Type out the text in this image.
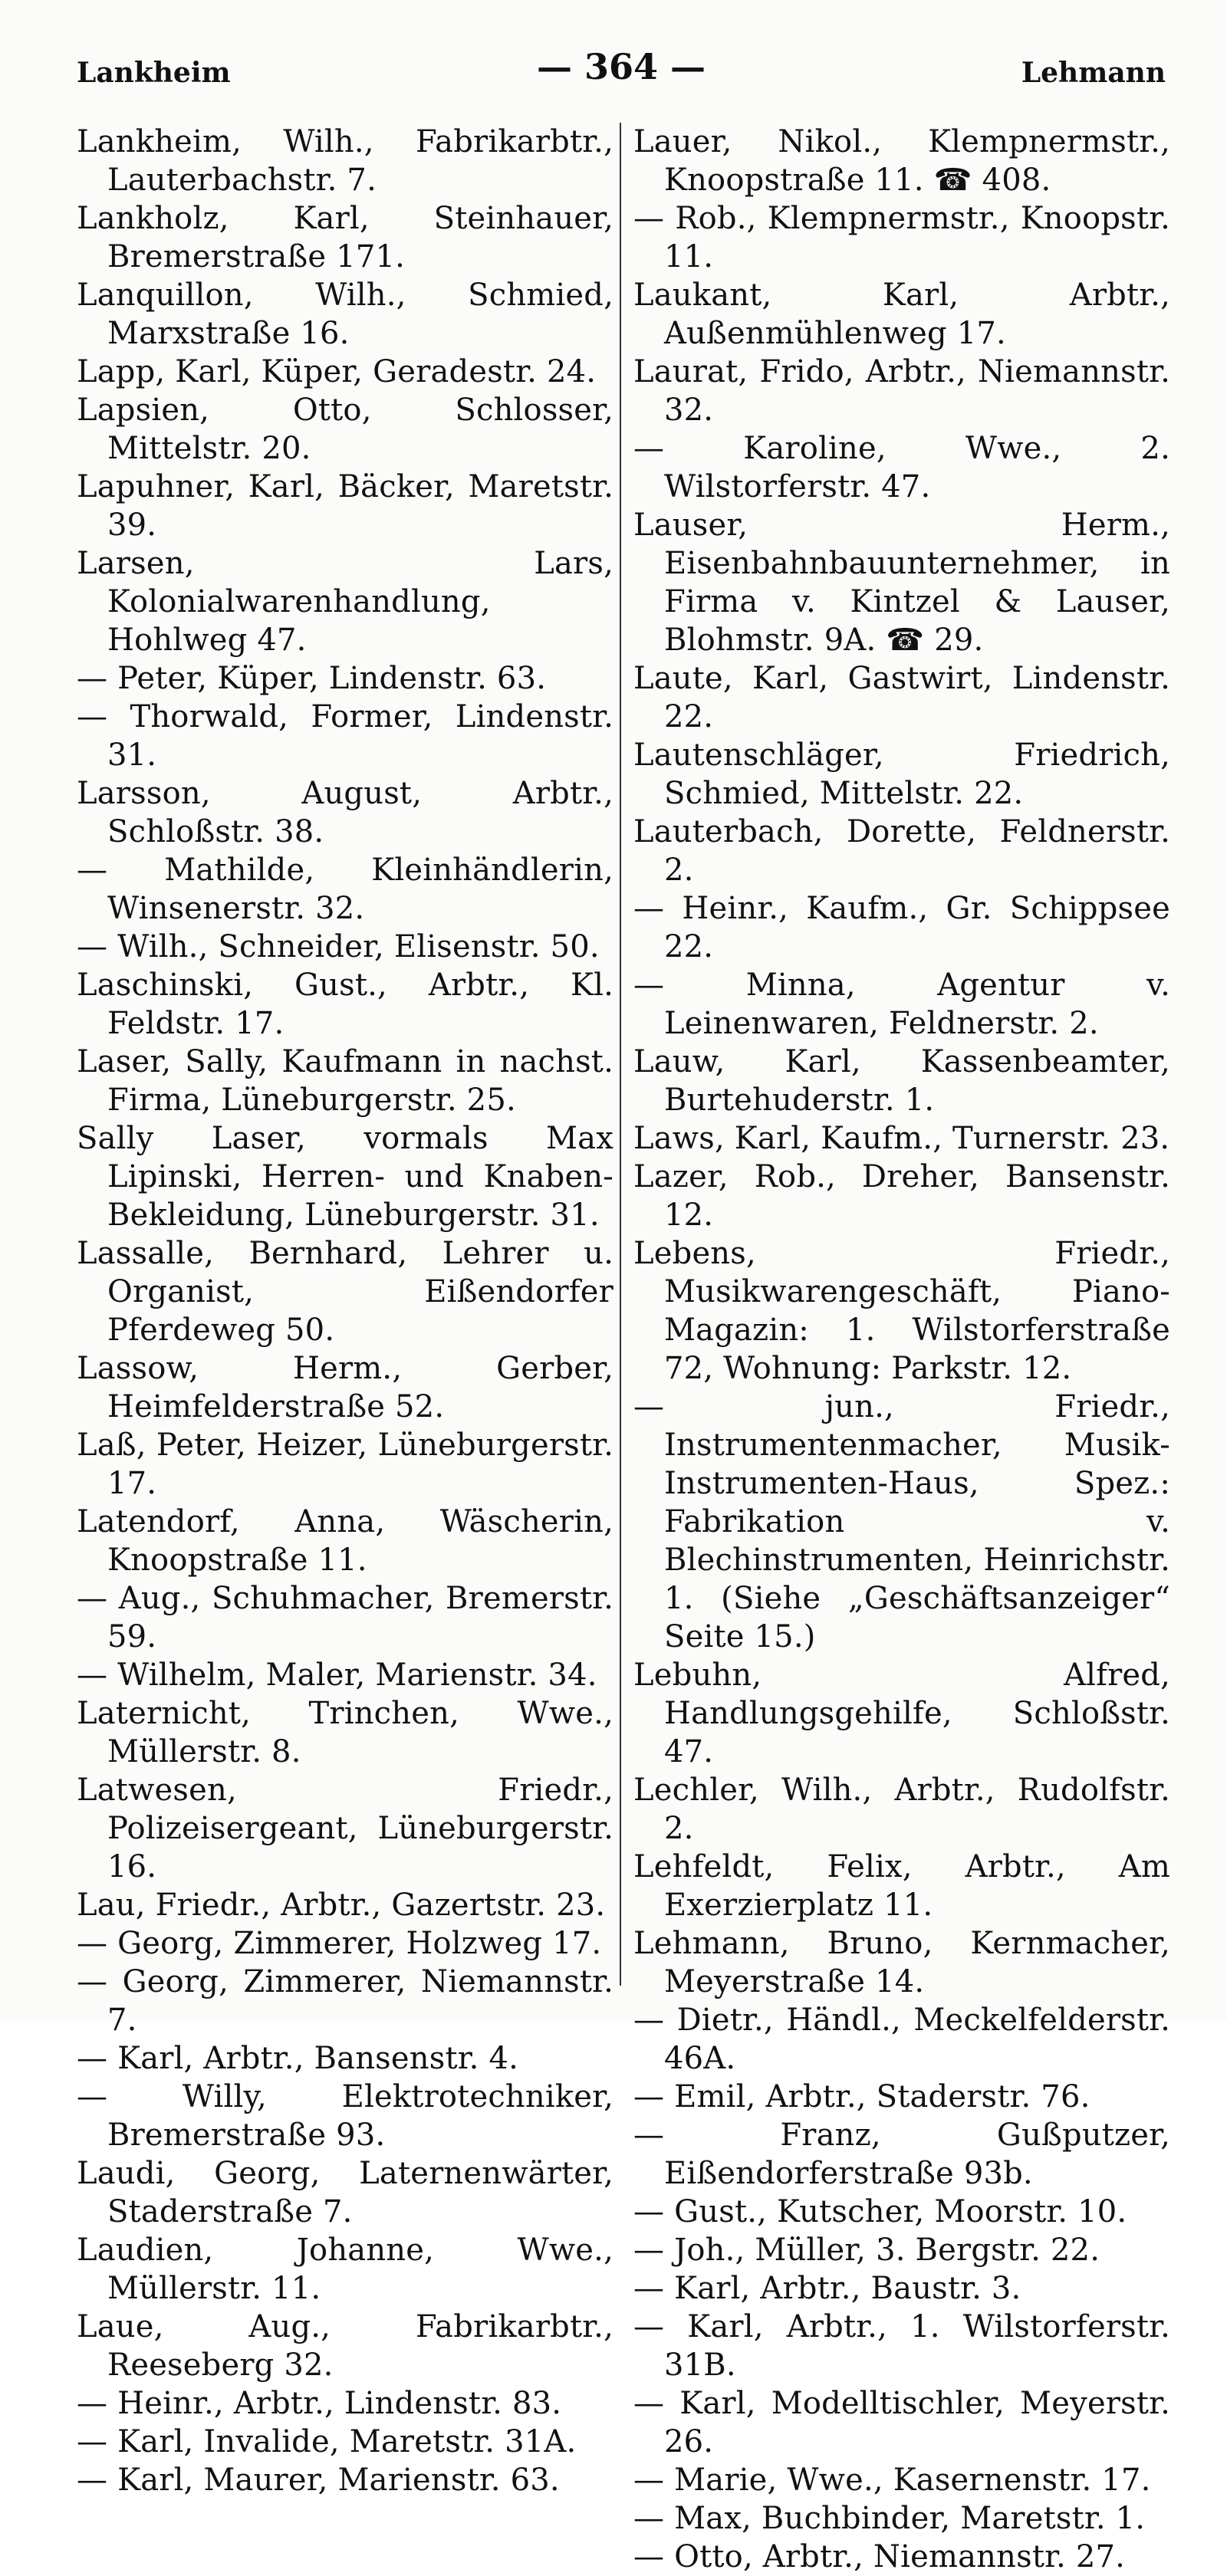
Lankheim	— 364 —	Lehmann

Lankheim, Wilh., Fabrikarbtr., Lauterbachstr. 7.

Lankholz, Karl, Steinhauer, Bremerstraße 171.

Lanquillon, Wilh., Schmied, Marxstraße 16.

Lapp, Karl, Küper, Geradestr. 24.

Lapsien, Otto, Schlosser, Mittelstr. 20.

Lapuhner, Karl, Bäcker, Maretstr. 39.

Larsen, Lars, Kolonialwarenhandlung, Hohlweg 47.

— Peter, Küper, Lindenstr. 63.

— Thorwald, Former, Lindenstr. 31.

Larsson, August, Arbtr., Schloßstr. 38.

— Mathilde, Kleinhändlerin, Winsenerstr. 32.

— Wilh., Schneider, Elisenstr. 50.

Laschinski, Gust., Arbtr., Kl. Feldstr. 17.

Laser, Sally, Kaufmann in nachst. Firma, Lüneburgerstr. 25.

Sally Laser, vormals Max Lipinski, Herren- und Knaben-Bekleidung, Lüneburgerstr. 31.

Lassalle, Bernhard, Lehrer u. Organist, Eißendorfer Pferdeweg 50.

Lassow, Herm., Gerber, Heimfelderstraße 52.

Laß, Peter, Heizer, Lüneburgerstr. 17.

Latendorf, Anna, Wäscherin, Knoopstraße 11.

— Aug., Schuhmacher, Bremerstr. 59.

— Wilhelm, Maler, Marienstr. 34.

Laternicht, Trinchen, Wwe., Müllerstr. 8.

Latwesen, Friedr., Polizeisergeant, Lüneburgerstr. 16.

Lau, Friedr., Arbtr., Gazertstr. 23.

— Georg, Zimmerer, Holzweg 17.

— Georg, Zimmerer, Niemannstr. 7.

— Karl, Arbtr., Bansenstr. 4.

— Willy, Elektrotechniker, Bremerstraße 93.

Laudi, Georg, Laternenwärter, Staderstraße 7.

Laudien, Johanne, Wwe., Müllerstr. 11.

Laue, Aug., Fabrikarbtr., Reeseberg 32.

— Heinr., Arbtr., Lindenstr. 83.

— Karl, Invalide, Maretstr. 31A.

— Karl, Maurer, Marienstr. 63.

Lauer, Nikol., Klempnermstr., Knoopstraße 11. ☎ 408.

— Rob., Klempnermstr., Knoopstr. 11.

Laukant, Karl, Arbtr., Außenmühlenweg 17.

Laurat, Frido, Arbtr., Niemannstr. 32.

— Karoline, Wwe., 2. Wilstorferstr. 47.

Lauser, Herm., Eisenbahnbauunternehmer, in Firma v. Kintzel & Lauser, Blohmstr. 9A. ☎ 29.

Laute, Karl, Gastwirt, Lindenstr. 22.

Lautenschläger, Friedrich, Schmied, Mittelstr. 22.

Lauterbach, Dorette, Feldnerstr. 2.

— Heinr., Kaufm., Gr. Schippsee 22.

— Minna, Agentur v. Leinenwaren, Feldnerstr. 2.

Lauw, Karl, Kassenbeamter, Burtehuderstr. 1.

Laws, Karl, Kaufm., Turnerstr. 23.

Lazer, Rob., Dreher, Bansenstr. 12.

Lebens, Friedr., Musikwarengeschäft, Piano-Magazin: 1. Wilstorferstraße 72, Wohnung: Parkstr. 12.

— jun., Friedr., Instrumentenmacher, Musik-Instrumenten-Haus, Spez.: Fabrikation v. Blechinstrumenten, Heinrichstr. 1. (Siehe „Geschäftsanzeiger“ Seite 15.)

Lebuhn, Alfred, Handlungsgehilfe, Schloßstr. 47.

Lechler, Wilh., Arbtr., Rudolfstr. 2.

Lehfeldt, Felix, Arbtr., Am Exerzierplatz 11.

Lehmann, Bruno, Kernmacher, Meyerstraße 14.

— Dietr., Händl., Meckelfelderstr. 46A.

— Emil, Arbtr., Staderstr. 76.

— Franz, Gußputzer, Eißendorferstraße 93b.

— Gust., Kutscher, Moorstr. 10.

— Joh., Müller, 3. Bergstr. 22.

— Karl, Arbtr., Baustr. 3.

— Karl, Arbtr., 1. Wilstorferstr. 31B.

— Karl, Modelltischler, Meyerstr. 26.

— Marie, Wwe., Kasernenstr. 17.

— Max, Buchbinder, Maretstr. 1.

— Otto, Arbtr., Niemannstr. 27.
